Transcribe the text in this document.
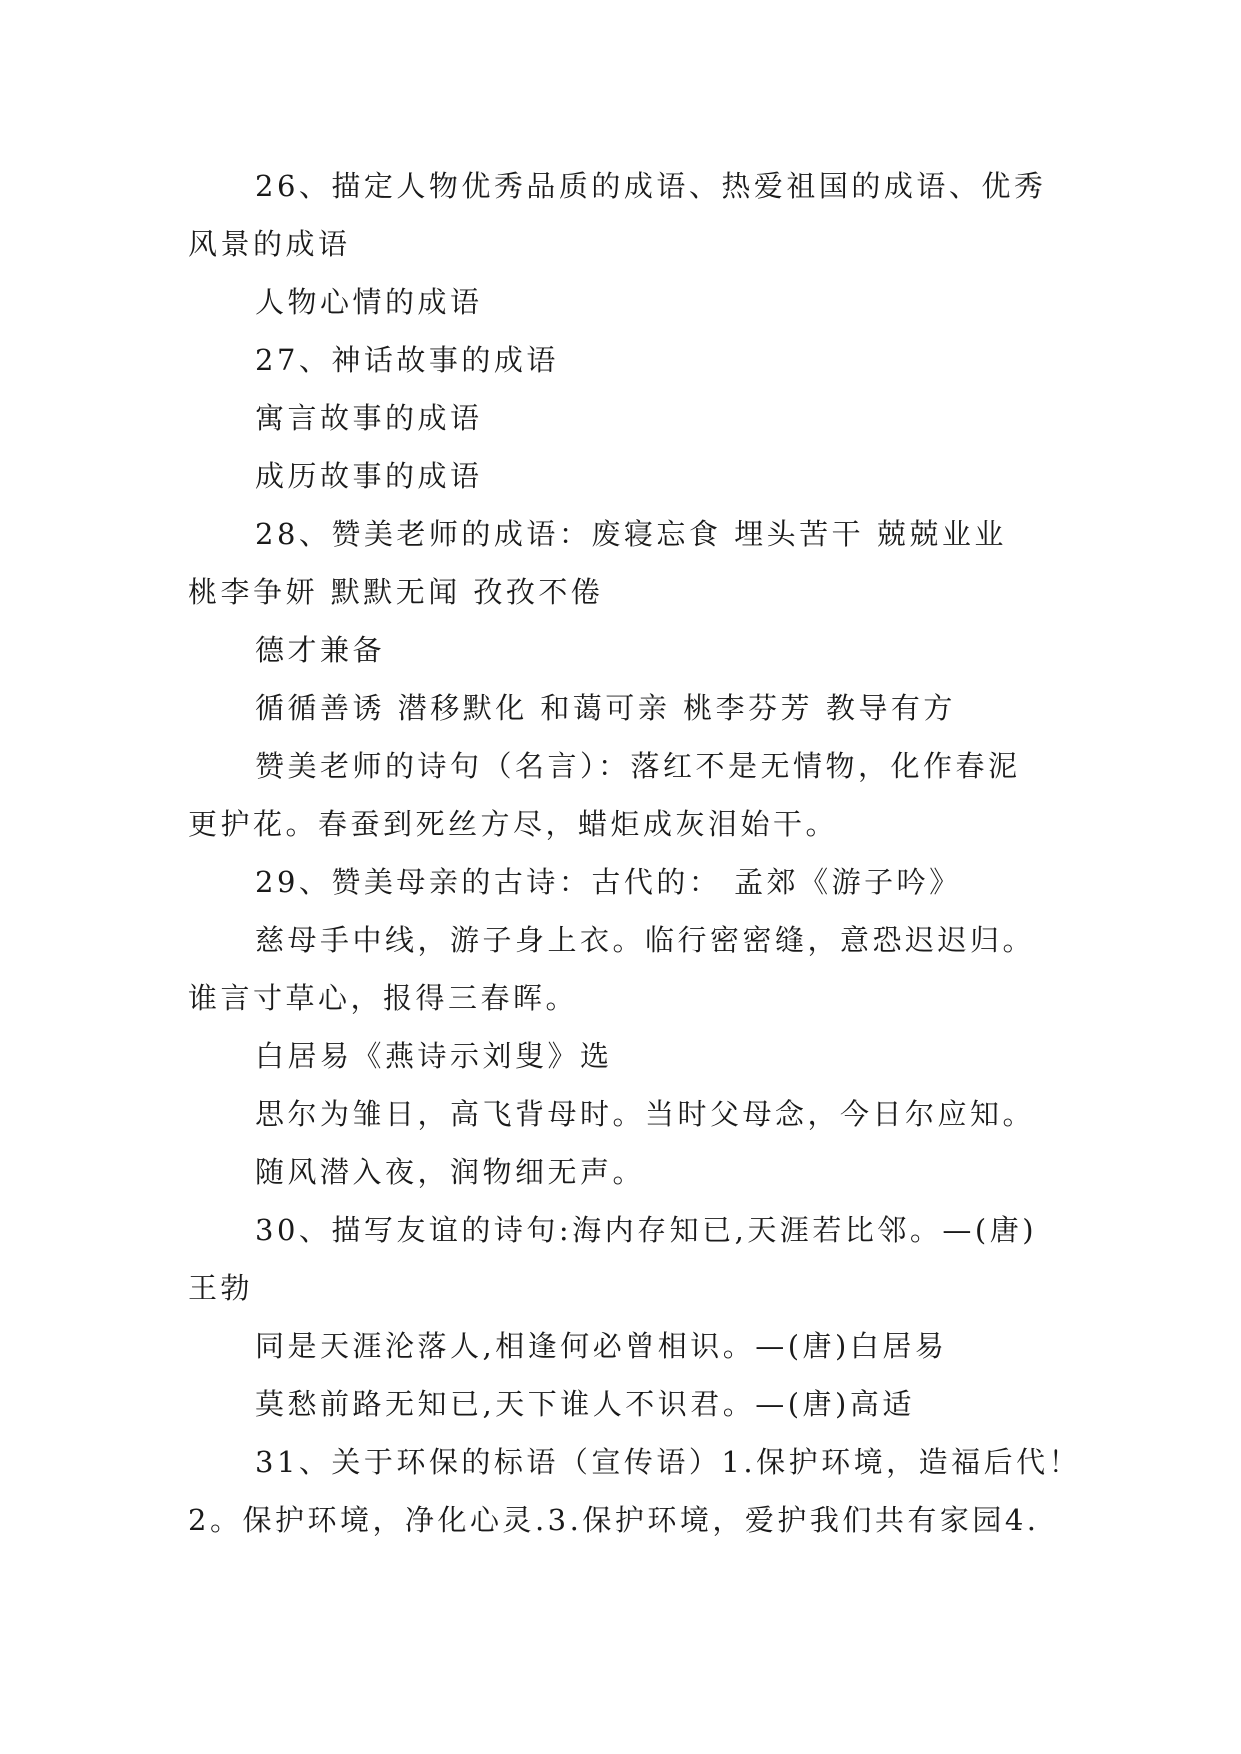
26、描定人物优秀品质的成语、热爱祖国的成语、优秀
风景的成语
人物心情的成语
27、神话故事的成语
寓言故事的成语
成历故事的成语
28、赞美老师的成语：废寝忘食 埋头苦干 兢兢业业
桃李争妍 默默无闻 孜孜不倦
德才兼备
循循善诱 潜移默化 和蔼可亲 桃李芬芳 教导有方
赞美老师的诗句（名言）：落红不是无情物，化作春泥
更护花。春蚕到死丝方尽，蜡炬成灰泪始干。
29、赞美母亲的古诗：古代的： 孟郊《游子吟》
慈母手中线，游子身上衣。临行密密缝，意恐迟迟归。
谁言寸草心，报得三春晖。
白居易《燕诗示刘叟》选
思尔为雏日，高飞背母时。当时父母念，今日尔应知。
随风潜入夜，润物细无声。
30、描写友谊的诗句:海内存知已,天涯若比邻。—(唐)
王勃
同是天涯沦落人,相逢何必曾相识。—(唐)白居易
莫愁前路无知已,天下谁人不识君。—(唐)高适
31、关于环保的标语（宣传语）1.保护环境，造福后代！
2。保护环境，净化心灵.3.保护环境，爱护我们共有家园4.
